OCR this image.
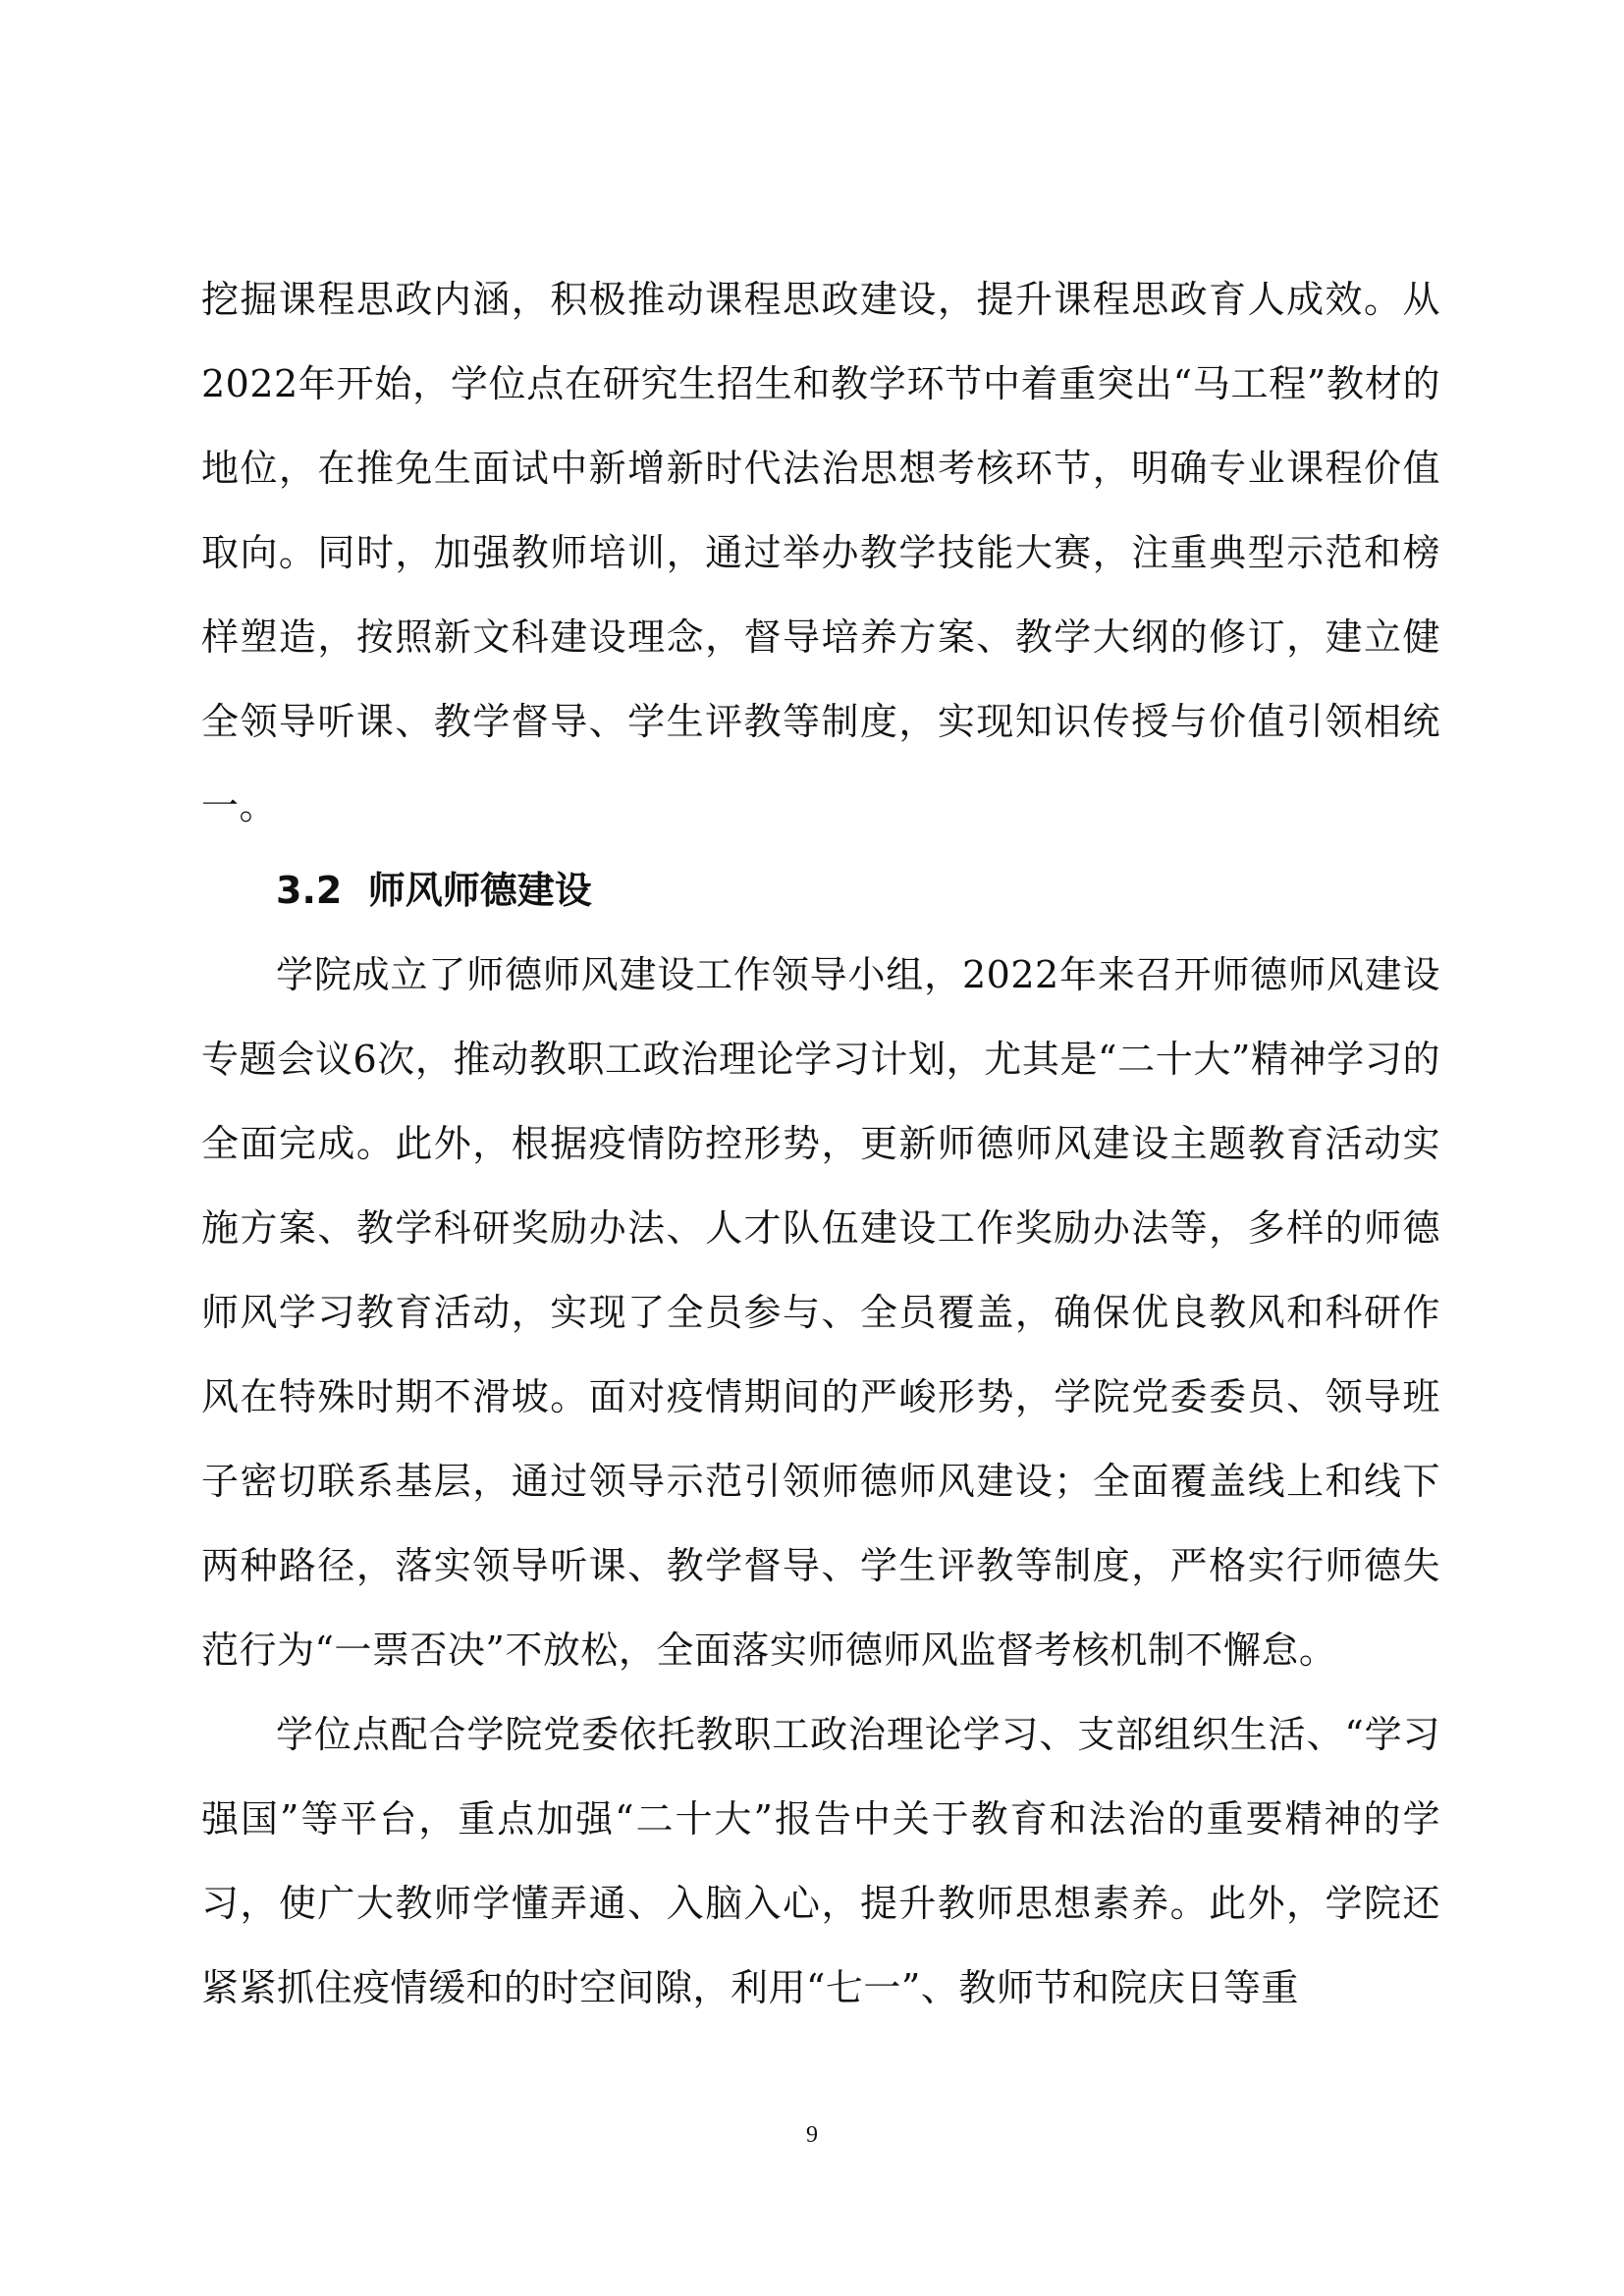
挖掘课程思政内涵，积极推动课程思政建设，提升课程思政育人成效。从2022年开始，学位点在研究生招生和教学环节中着重突出“马工程”教材的地位，在推免生面试中新增新时代法治思想考核环节，明确专业课程价值取向。同时，加强教师培训，通过举办教学技能大赛，注重典型示范和榜样塑造，按照新文科建设理念，督导培养方案、教学大纲的修订，建立健全领导听课、教学督导、学生评教等制度，实现知识传授与价值引领相统一。

3.2 师风师德建设

学院成立了师德师风建设工作领导小组，2022年来召开师德师风建设专题会议6次，推动教职工政治理论学习计划，尤其是“二十大”精神学习的全面完成。此外，根据疫情防控形势，更新师德师风建设主题教育活动实施方案、教学科研奖励办法、人才队伍建设工作奖励办法等，多样的师德师风学习教育活动，实现了全员参与、全员覆盖，确保优良教风和科研作风在特殊时期不滑坡。面对疫情期间的严峻形势，学院党委委员、领导班子密切联系基层，通过领导示范引领师德师风建设；全面覆盖线上和线下两种路径，落实领导听课、教学督导、学生评教等制度，严格实行师德失范行为“一票否决”不放松，全面落实师德师风监督考核机制不懈怠。

学位点配合学院党委依托教职工政治理论学习、支部组织生活、“学习强国”等平台，重点加强“二十大”报告中关于教育和法治的重要精神的学习，使广大教师学懂弄通、入脑入心，提升教师思想素养。此外，学院还紧紧抓住疫情缓和的时空间隙，利用“七一”、教师节和院庆日等重

9
